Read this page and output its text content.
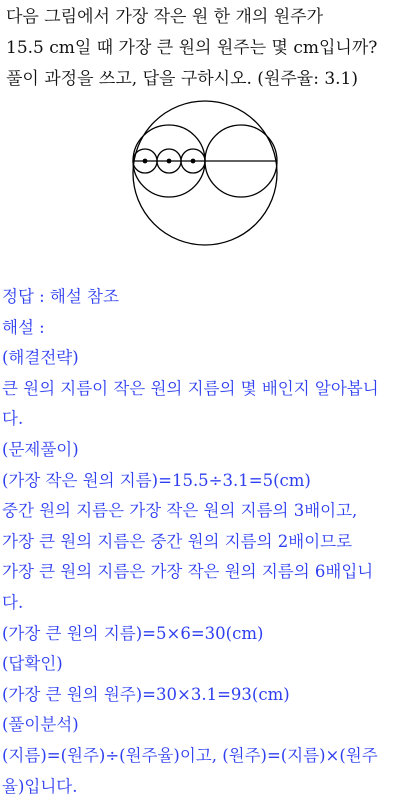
다음 그림에서 가장 작은 원 한 개의 원주가
15.5 cm일 때 가장 큰 원의 원주는 몇 cm입니까?
풀이 과정을 쓰고, 답을 구하시오. (원주율: 3.1)
정답 : 해설 참조
해설 :
(해결전략)
큰 원의 지름이 작은 원의 지름의 몇 배인지 알아봅니
다.
(문제풀이)
(가장 작은 원의 지름)=15.5÷3.1=5(cm)
중간 원의 지름은 가장 작은 원의 지름의 3배이고,
가장 큰 원의 지름은 중간 원의 지름의 2배이므로
가장 큰 원의 지름은 가장 작은 원의 지름의 6배입니
다.
(가장 큰 원의 지름)=5×6=30(cm)
(답확인)
(가장 큰 원의 원주)=30×3.1=93(cm)
(풀이분석)
(지름)=(원주)÷(원주율)이고, (원주)=(지름)×(원주
율)입니다.
